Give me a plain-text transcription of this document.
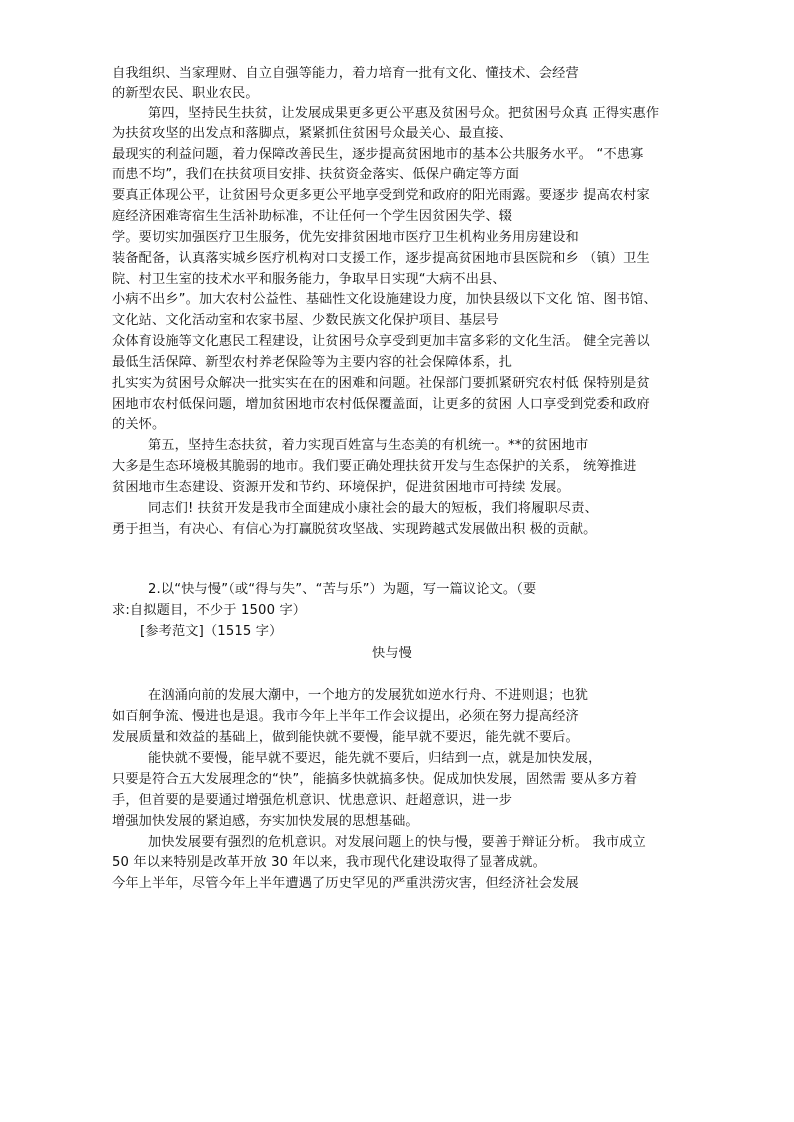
自我组织、当家理财、自立自强等能力，着力培育一批有文化、懂技术、会经营
的新型农民、职业农民。
第四，坚持民生扶贫，让发展成果更多更公平惠及贫困号众。把贫困号众真 正得实惠作
为扶贫攻坚的出发点和落脚点，紧紧抓住贫困号众最关心、最直接、
最现实的利益问题，着力保障改善民生，逐步提高贫困地市的基本公共服务水平。 “不患寡
而患不均”，我们在扶贫项目安排、扶贫资金落实、低保户确定等方面
要真正体现公平，让贫困号众更多更公平地享受到党和政府的阳光雨露。要逐步 提高农村家
庭经济困难寄宿生生活补助标准，不让任何一个学生因贫困失学、辍
学。要切实加强医疗卫生服务，优先安排贫困地市医疗卫生机构业务用房建设和
装备配备，认真落实城乡医疗机构对口支援工作，逐步提高贫困地市县医院和乡 （镇）卫生
院、村卫生室的技术水平和服务能力，争取早日实现“大病不出县、
小病不出乡”。加大农村公益性、基础性文化设施建设力度，加快县级以下文化 馆、图书馆、
文化站、文化活动室和农家书屋、少数民族文化保护项目、基层号
众体育设施等文化惠民工程建设，让贫困号众享受到更加丰富多彩的文化生活。 健全完善以
最低生活保障、新型农村养老保险等为主要内容的社会保障体系，扎
扎实实为贫困号众解决一批实实在在的困难和问题。社保部门要抓紧研究农村低 保特别是贫
困地市农村低保问题，增加贫困地市农村低保覆盖面，让更多的贫困 人口享受到党委和政府
的关怀。
第五，坚持生态扶贫，着力实现百姓富与生态美的有机统一。**的贫困地市
大多是生态环境极其脆弱的地市。我们要正确处理扶贫开发与生态保护的关系， 统筹推进
贫困地市生态建设、资源开发和节约、环境保护，促进贫困地市可持续 发展。
同志们! 扶贫开发是我市全面建成小康社会的最大的短板，我们将履职尽责、
勇于担当，有决心、有信心为打赢脱贫攻坚战、实现跨越式发展做出积 极的贡献。
2.以“快与慢”（或“得与失”、“苦与乐”）为题，写一篇议论文。（要
求:自拟题目，不少于 1500 字）
[参考范文]（1515 字）
快与慢
在汹涌向前的发展大潮中，一个地方的发展犹如逆水行舟、不进则退；也犹
如百舸争流、慢进也是退。我市今年上半年工作会议提出，必须在努力提高经济
发展质量和效益的基础上，做到能快就不要慢，能早就不要迟，能先就不要后。
能快就不要慢，能早就不要迟，能先就不要后，归结到一点，就是加快发展，
只要是符合五大发展理念的“快”，能搞多快就搞多快。促成加快发展，固然需 要从多方着
手，但首要的是要通过增强危机意识、忧患意识、赶超意识，进一步
增强加快发展的紧迫感，夯实加快发展的思想基础。
加快发展要有强烈的危机意识。对发展问题上的快与慢，要善于辩证分析。 我市成立
50 年以来特别是改革开放 30 年以来，我市现代化建设取得了显著成就。
今年上半年，尽管今年上半年遭遇了历史罕见的严重洪涝灾害，但经济社会发展
